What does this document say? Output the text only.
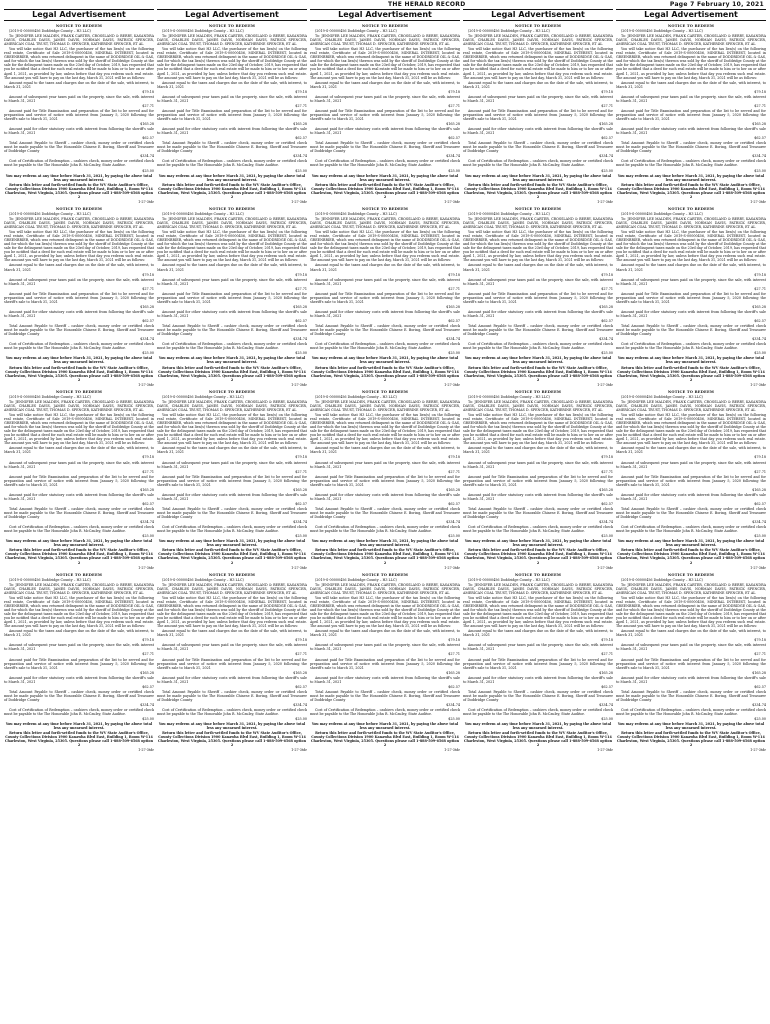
THE HERALD RECORD	Page 7 February 10, 2021
Legal Advertisement
NOTICE TO REDEEM
(2019-S-00000456 Doddridge County – H3 LLC)
To: JENNIFER LEE MALDEN, FRANK CARTER, CROSSLAND & BERRY, KASANDRA DAVIS, CHARLES DAVIS, JAMES DAVIS, NORMAN DAVIS, PATRICK SPENCER, AMERICAN COAL TRUST, THOMAS D. SPENCER, KATHERINE SPENCER, ET AL
You will take notice that H3 LLC, the purchaser of the tax lien(s) on the following real estate, Certificate of Sale 2019-S-00000456, MINERAL INTEREST, located in GREENBRIER, which was returned delinquent in the name of DODDRIDGE OIL & GAS, and for which the tax lien(s) thereon was sold by the sheriff of Doddridge County at the sale for the delinquent taxes made on the 23rd day of October, 2019, has requested that you be notified that a deed for such real estate will be made to him or to her on or after April 1, 2021, as provided by law, unless before that day you redeem such real estate. The amount you will have to pay on the last day, March 31, 2021 will be as follows:
Amount equal to the taxes and charges due on the date of the sale, with interest, to March 31, 2021
$79.18
Amount of subsequent year taxes paid on the property, since the sale, with interest to March 31, 2021
$27.71
Amount paid for Title Examination and preparation of the list to be served and for preparation and service of notice with interest from January 5, 2020 following the sheriff's sale to March 31, 2021
$165.28
Amount paid for other statutory costs with interest from following the sheriff's sale to March 31, 2021
$62.57
Total Amount Payable to Sheriff – cashier check, money order or certified check must be made payable to the The Honorable Chinese E. Boring, Sheriff and Treasurer of Doddridge County
$334.74
Cost of Certification of Redemption – cashiers check, money order or certified check must be payable to the The Honorable John R. McCauley, State Auditor.
$25.00
You may redeem at any time before March 31, 2021, by paying the above total less any unearned interest.
Return this letter and forth-settled funds to the WV State Auditor's Office, County Collections Division 1900 Kanawha Blvd East, Building 1, Room W-114 Charleston, West Virginia, 25305. Questions please call 1-888-509-6568 option 2
1-27-3tdr
NOTICE TO REDEEM
(2019-S-00000456 Doddridge County – H3 LLC)
To: JENNIFER LEE MALDEN, FRANK CARTER, CROSSLAND & BERRY, KASANDRA DAVIS, CHARLES DAVIS, JAMES DAVIS, NORMAN DAVIS, PATRICK SPENCER, AMERICAN COAL TRUST, THOMAS D. SPENCER, KATHERINE SPENCER, ET AL
You will take notice that H3 LLC, the purchaser of the tax lien(s) on the following real estate, Certificate of Sale 2019-S-00000456, MINERAL INTEREST, located in GREENBRIER, which was returned delinquent in the name of DODDRIDGE OIL & GAS, and for which the tax lien(s) thereon was sold by the sheriff of Doddridge County at the sale for the delinquent taxes made on the 23rd day of October, 2019, has requested that you be notified that a deed for such real estate will be made to him or to her on or after April 1, 2021, as provided by law, unless before that day you redeem such real estate. The amount you will have to pay on the last day, March 31, 2021 will be as follows:
Amount equal to the taxes and charges due on the date of the sale, with interest, to March 31, 2021
$79.18
Amount of subsequent year taxes paid on the property, since the sale, with interest to March 31, 2021
$27.71
Amount paid for Title Examination and preparation of the list to be served and for preparation and service of notice with interest from January 5, 2020 following the sheriff's sale to March 31, 2021
$165.28
Amount paid for other statutory costs with interest from following the sheriff's sale to March 31, 2021
$62.57
Total Amount Payable to Sheriff – cashier check, money order or certified check must be made payable to the The Honorable Chinese E. Boring, Sheriff and Treasurer of Doddridge County
$334.74
Cost of Certification of Redemption – cashiers check, money order or certified check must be payable to the The Honorable John R. McCauley, State Auditor.
$25.00
You may redeem at any time before March 31, 2021, by paying the above total less any unearned interest.
Return this letter and forth-settled funds to the WV State Auditor's Office, County Collections Division 1900 Kanawha Blvd East, Building 1, Room W-114 Charleston, West Virginia, 25305. Questions please call 1-888-509-6568 option 2
1-27-3tdr
NOTICE TO REDEEM
(2019-S-00000456 Doddridge County – H3 LLC)
To: JENNIFER LEE MALDEN, FRANK CARTER, CROSSLAND & BERRY, KASANDRA DAVIS, CHARLES DAVIS, JAMES DAVIS, NORMAN DAVIS, PATRICK SPENCER, AMERICAN COAL TRUST, THOMAS D. SPENCER, KATHERINE SPENCER, ET AL
You will take notice that H3 LLC, the purchaser of the tax lien(s) on the following real estate, Certificate of Sale 2019-S-00000456, MINERAL INTEREST, located in GREENBRIER, which was returned delinquent in the name of DODDRIDGE OIL & GAS, and for which the tax lien(s) thereon was sold by the sheriff of Doddridge County at the sale for the delinquent taxes made on the 23rd day of October, 2019, has requested that you be notified that a deed for such real estate will be made to him or to her on or after April 1, 2021, as provided by law, unless before that day you redeem such real estate. The amount you will have to pay on the last day, March 31, 2021 will be as follows:
Amount equal to the taxes and charges due on the date of the sale, with interest, to March 31, 2021
$79.18
Amount of subsequent year taxes paid on the property, since the sale, with interest to March 31, 2021
$27.71
Amount paid for Title Examination and preparation of the list to be served and for preparation and service of notice with interest from January 5, 2020 following the sheriff's sale to March 31, 2021
$165.28
Amount paid for other statutory costs with interest from following the sheriff's sale to March 31, 2021
$62.57
Total Amount Payable to Sheriff – cashier check, money order or certified check must be made payable to the The Honorable Chinese E. Boring, Sheriff and Treasurer of Doddridge County
$334.74
Cost of Certification of Redemption – cashiers check, money order or certified check must be payable to the The Honorable John R. McCauley, State Auditor.
$25.00
You may redeem at any time before March 31, 2021, by paying the above total less any unearned interest.
Return this letter and forth-settled funds to the WV State Auditor's Office, County Collections Division 1900 Kanawha Blvd East, Building 1, Room W-114 Charleston, West Virginia, 25305. Questions please call 1-888-509-6568 option 2
1-27-3tdr
NOTICE TO REDEEM
(2019-S-00000456 Doddridge County – H3 LLC)
To: JENNIFER LEE MALDEN, FRANK CARTER, CROSSLAND & BERRY, KASANDRA DAVIS, CHARLES DAVIS, JAMES DAVIS, NORMAN DAVIS, PATRICK SPENCER, AMERICAN COAL TRUST, THOMAS D. SPENCER, KATHERINE SPENCER, ET AL
You will take notice that H3 LLC, the purchaser of the tax lien(s) on the following real estate, Certificate of Sale 2019-S-00000456, MINERAL INTEREST, located in GREENBRIER, which was returned delinquent in the name of DODDRIDGE OIL & GAS, and for which the tax lien(s) thereon was sold by the sheriff of Doddridge County at the sale for the delinquent taxes made on the 23rd day of October, 2019, has requested that you be notified that a deed for such real estate will be made to him or to her on or after April 1, 2021, as provided by law, unless before that day you redeem such real estate. The amount you will have to pay on the last day, March 31, 2021 will be as follows:
Amount equal to the taxes and charges due on the date of the sale, with interest, to March 31, 2021
$79.18
Amount of subsequent year taxes paid on the property, since the sale, with interest to March 31, 2021
$27.71
Amount paid for Title Examination and preparation of the list to be served and for preparation and service of notice with interest from January 5, 2020 following the sheriff's sale to March 31, 2021
$165.28
Amount paid for other statutory costs with interest from following the sheriff's sale to March 31, 2021
$62.57
Total Amount Payable to Sheriff – cashier check, money order or certified check must be made payable to the The Honorable Chinese E. Boring, Sheriff and Treasurer of Doddridge County
$334.74
Cost of Certification of Redemption – cashiers check, money order or certified check must be payable to the The Honorable John R. McCauley, State Auditor.
$25.00
You may redeem at any time before March 31, 2021, by paying the above total less any unearned interest.
Return this letter and forth-settled funds to the WV State Auditor's Office, County Collections Division 1900 Kanawha Blvd East, Building 1, Room W-114 Charleston, West Virginia, 25305. Questions please call 1-888-509-6568 option 2
1-27-3tdr
Legal Advertisement
NOTICE TO REDEEM
(2019-S-00000456 Doddridge County – H3 LLC)
To: JENNIFER LEE MALDEN, FRANK CARTER, CROSSLAND & BERRY, KASANDRA DAVIS, CHARLES DAVIS, JAMES DAVIS, NORMAN DAVIS, PATRICK SPENCER, AMERICAN COAL TRUST, THOMAS D. SPENCER, KATHERINE SPENCER, ET AL
You will take notice that H3 LLC, the purchaser of the tax lien(s) on the following real estate, Certificate of Sale 2019-S-00000456, MINERAL INTEREST, located in GREENBRIER, which was returned delinquent in the name of DODDRIDGE OIL & GAS, and for which the tax lien(s) thereon was sold by the sheriff of Doddridge County at the sale for the delinquent taxes made on the 23rd day of October, 2019, has requested that you be notified that a deed for such real estate will be made to him or to her on or after April 1, 2021, as provided by law, unless before that day you redeem such real estate. The amount you will have to pay on the last day, March 31, 2021 will be as follows:
Amount equal to the taxes and charges due on the date of the sale, with interest, to March 31, 2021
$79.18
Amount of subsequent year taxes paid on the property, since the sale, with interest to March 31, 2021
$27.71
Amount paid for Title Examination and preparation of the list to be served and for preparation and service of notice with interest from January 5, 2020 following the sheriff's sale to March 31, 2021
$165.28
Amount paid for other statutory costs with interest from following the sheriff's sale to March 31, 2021
$62.57
Total Amount Payable to Sheriff – cashier check, money order or certified check must be made payable to the The Honorable Chinese E. Boring, Sheriff and Treasurer of Doddridge County
$334.74
Cost of Certification of Redemption – cashiers check, money order or certified check must be payable to the The Honorable John R. McCauley, State Auditor.
$25.00
You may redeem at any time before March 31, 2021, by paying the above total less any unearned interest.
Return this letter and forth-settled funds to the WV State Auditor's Office, County Collections Division 1900 Kanawha Blvd East, Building 1, Room W-114 Charleston, West Virginia, 25305. Questions please call 1-888-509-6568 option 2
1-27-3tdr
NOTICE TO REDEEM
(2019-S-00000456 Doddridge County – H3 LLC)
To: JENNIFER LEE MALDEN, FRANK CARTER, CROSSLAND & BERRY, KASANDRA DAVIS, CHARLES DAVIS, JAMES DAVIS, NORMAN DAVIS, PATRICK SPENCER, AMERICAN COAL TRUST, THOMAS D. SPENCER, KATHERINE SPENCER, ET AL
You will take notice that H3 LLC, the purchaser of the tax lien(s) on the following real estate, Certificate of Sale 2019-S-00000456, MINERAL INTEREST, located in GREENBRIER, which was returned delinquent in the name of DODDRIDGE OIL & GAS, and for which the tax lien(s) thereon was sold by the sheriff of Doddridge County at the sale for the delinquent taxes made on the 23rd day of October, 2019, has requested that you be notified that a deed for such real estate will be made to him or to her on or after April 1, 2021, as provided by law, unless before that day you redeem such real estate. The amount you will have to pay on the last day, March 31, 2021 will be as follows:
Amount equal to the taxes and charges due on the date of the sale, with interest, to March 31, 2021
$79.18
Amount of subsequent year taxes paid on the property, since the sale, with interest to March 31, 2021
$27.71
Amount paid for Title Examination and preparation of the list to be served and for preparation and service of notice with interest from January 5, 2020 following the sheriff's sale to March 31, 2021
$165.28
Amount paid for other statutory costs with interest from following the sheriff's sale to March 31, 2021
$62.57
Total Amount Payable to Sheriff – cashier check, money order or certified check must be made payable to the The Honorable Chinese E. Boring, Sheriff and Treasurer of Doddridge County
$334.74
Cost of Certification of Redemption – cashiers check, money order or certified check must be payable to the The Honorable John R. McCauley, State Auditor.
$25.00
You may redeem at any time before March 31, 2021, by paying the above total less any unearned interest.
Return this letter and forth-settled funds to the WV State Auditor's Office, County Collections Division 1900 Kanawha Blvd East, Building 1, Room W-114 Charleston, West Virginia, 25305. Questions please call 1-888-509-6568 option 2
1-27-3tdr
NOTICE TO REDEEM
(2019-S-00000456 Doddridge County – H3 LLC)
To: JENNIFER LEE MALDEN, FRANK CARTER, CROSSLAND & BERRY, KASANDRA DAVIS, CHARLES DAVIS, JAMES DAVIS, NORMAN DAVIS, PATRICK SPENCER, AMERICAN COAL TRUST, THOMAS D. SPENCER, KATHERINE SPENCER, ET AL
You will take notice that H3 LLC, the purchaser of the tax lien(s) on the following real estate, Certificate of Sale 2019-S-00000456, MINERAL INTEREST, located in GREENBRIER, which was returned delinquent in the name of DODDRIDGE OIL & GAS, and for which the tax lien(s) thereon was sold by the sheriff of Doddridge County at the sale for the delinquent taxes made on the 23rd day of October, 2019, has requested that you be notified that a deed for such real estate will be made to him or to her on or after April 1, 2021, as provided by law, unless before that day you redeem such real estate. The amount you will have to pay on the last day, March 31, 2021 will be as follows:
Amount equal to the taxes and charges due on the date of the sale, with interest, to March 31, 2021
$79.18
Amount of subsequent year taxes paid on the property, since the sale, with interest to March 31, 2021
$27.71
Amount paid for Title Examination and preparation of the list to be served and for preparation and service of notice with interest from January 5, 2020 following the sheriff's sale to March 31, 2021
$165.28
Amount paid for other statutory costs with interest from following the sheriff's sale to March 31, 2021
$62.57
Total Amount Payable to Sheriff – cashier check, money order or certified check must be made payable to the The Honorable Chinese E. Boring, Sheriff and Treasurer of Doddridge County
$334.74
Cost of Certification of Redemption – cashiers check, money order or certified check must be payable to the The Honorable John R. McCauley, State Auditor.
$25.00
You may redeem at any time before March 31, 2021, by paying the above total less any unearned interest.
Return this letter and forth-settled funds to the WV State Auditor's Office, County Collections Division 1900 Kanawha Blvd East, Building 1, Room W-114 Charleston, West Virginia, 25305. Questions please call 1-888-509-6568 option 2
1-27-3tdr
NOTICE TO REDEEM
(2019-S-00000456 Doddridge County – H3 LLC)
To: JENNIFER LEE MALDEN, FRANK CARTER, CROSSLAND & BERRY, KASANDRA DAVIS, CHARLES DAVIS, JAMES DAVIS, NORMAN DAVIS, PATRICK SPENCER, AMERICAN COAL TRUST, THOMAS D. SPENCER, KATHERINE SPENCER, ET AL
You will take notice that H3 LLC, the purchaser of the tax lien(s) on the following real estate, Certificate of Sale 2019-S-00000456, MINERAL INTEREST, located in GREENBRIER, which was returned delinquent in the name of DODDRIDGE OIL & GAS, and for which the tax lien(s) thereon was sold by the sheriff of Doddridge County at the sale for the delinquent taxes made on the 23rd day of October, 2019, has requested that you be notified that a deed for such real estate will be made to him or to her on or after April 1, 2021, as provided by law, unless before that day you redeem such real estate. The amount you will have to pay on the last day, March 31, 2021 will be as follows:
Amount equal to the taxes and charges due on the date of the sale, with interest, to March 31, 2021
$79.18
Amount of subsequent year taxes paid on the property, since the sale, with interest to March 31, 2021
$27.71
Amount paid for Title Examination and preparation of the list to be served and for preparation and service of notice with interest from January 5, 2020 following the sheriff's sale to March 31, 2021
$165.28
Amount paid for other statutory costs with interest from following the sheriff's sale to March 31, 2021
$62.57
Total Amount Payable to Sheriff – cashier check, money order or certified check must be made payable to the The Honorable Chinese E. Boring, Sheriff and Treasurer of Doddridge County
$334.74
Cost of Certification of Redemption – cashiers check, money order or certified check must be payable to the The Honorable John R. McCauley, State Auditor.
$25.00
You may redeem at any time before March 31, 2021, by paying the above total less any unearned interest.
Return this letter and forth-settled funds to the WV State Auditor's Office, County Collections Division 1900 Kanawha Blvd East, Building 1, Room W-114 Charleston, West Virginia, 25305. Questions please call 1-888-509-6568 option 2
1-27-3tdr
Legal Advertisement
NOTICE TO REDEEM
(2019-S-00000456 Doddridge County – H3 LLC)
To: JENNIFER LEE MALDEN, FRANK CARTER, CROSSLAND & BERRY, KASANDRA DAVIS, CHARLES DAVIS, JAMES DAVIS, NORMAN DAVIS, PATRICK SPENCER, AMERICAN COAL TRUST, THOMAS D. SPENCER, KATHERINE SPENCER, ET AL
You will take notice that H3 LLC, the purchaser of the tax lien(s) on the following real estate, Certificate of Sale 2019-S-00000456, MINERAL INTEREST, located in GREENBRIER, which was returned delinquent in the name of DODDRIDGE OIL & GAS, and for which the tax lien(s) thereon was sold by the sheriff of Doddridge County at the sale for the delinquent taxes made on the 23rd day of October, 2019, has requested that you be notified that a deed for such real estate will be made to him or to her on or after April 1, 2021, as provided by law, unless before that day you redeem such real estate. The amount you will have to pay on the last day, March 31, 2021 will be as follows:
Amount equal to the taxes and charges due on the date of the sale, with interest, to March 31, 2021
$79.18
Amount of subsequent year taxes paid on the property, since the sale, with interest to March 31, 2021
$27.71
Amount paid for Title Examination and preparation of the list to be served and for preparation and service of notice with interest from January 5, 2020 following the sheriff's sale to March 31, 2021
$165.28
Amount paid for other statutory costs with interest from following the sheriff's sale to March 31, 2021
$62.57
Total Amount Payable to Sheriff – cashier check, money order or certified check must be made payable to the The Honorable Chinese E. Boring, Sheriff and Treasurer of Doddridge County
$334.74
Cost of Certification of Redemption – cashiers check, money order or certified check must be payable to the The Honorable John R. McCauley, State Auditor.
$25.00
You may redeem at any time before March 31, 2021, by paying the above total less any unearned interest.
Return this letter and forth-settled funds to the WV State Auditor's Office, County Collections Division 1900 Kanawha Blvd East, Building 1, Room W-114 Charleston, West Virginia, 25305. Questions please call 1-888-509-6568 option 2
1-27-3tdr
NOTICE TO REDEEM
(2019-S-00000456 Doddridge County – H3 LLC)
To: JENNIFER LEE MALDEN, FRANK CARTER, CROSSLAND & BERRY, KASANDRA DAVIS, CHARLES DAVIS, JAMES DAVIS, NORMAN DAVIS, PATRICK SPENCER, AMERICAN COAL TRUST, THOMAS D. SPENCER, KATHERINE SPENCER, ET AL
You will take notice that H3 LLC, the purchaser of the tax lien(s) on the following real estate, Certificate of Sale 2019-S-00000456, MINERAL INTEREST, located in GREENBRIER, which was returned delinquent in the name of DODDRIDGE OIL & GAS, and for which the tax lien(s) thereon was sold by the sheriff of Doddridge County at the sale for the delinquent taxes made on the 23rd day of October, 2019, has requested that you be notified that a deed for such real estate will be made to him or to her on or after April 1, 2021, as provided by law, unless before that day you redeem such real estate. The amount you will have to pay on the last day, March 31, 2021 will be as follows:
Amount equal to the taxes and charges due on the date of the sale, with interest, to March 31, 2021
$79.18
Amount of subsequent year taxes paid on the property, since the sale, with interest to March 31, 2021
$27.71
Amount paid for Title Examination and preparation of the list to be served and for preparation and service of notice with interest from January 5, 2020 following the sheriff's sale to March 31, 2021
$165.28
Amount paid for other statutory costs with interest from following the sheriff's sale to March 31, 2021
$62.57
Total Amount Payable to Sheriff – cashier check, money order or certified check must be made payable to the The Honorable Chinese E. Boring, Sheriff and Treasurer of Doddridge County
$334.74
Cost of Certification of Redemption – cashiers check, money order or certified check must be payable to the The Honorable John R. McCauley, State Auditor.
$25.00
You may redeem at any time before March 31, 2021, by paying the above total less any unearned interest.
Return this letter and forth-settled funds to the WV State Auditor's Office, County Collections Division 1900 Kanawha Blvd East, Building 1, Room W-114 Charleston, West Virginia, 25305. Questions please call 1-888-509-6568 option 2
1-27-3tdr
NOTICE TO REDEEM
(2019-S-00000456 Doddridge County – H3 LLC)
To: JENNIFER LEE MALDEN, FRANK CARTER, CROSSLAND & BERRY, KASANDRA DAVIS, CHARLES DAVIS, JAMES DAVIS, NORMAN DAVIS, PATRICK SPENCER, AMERICAN COAL TRUST, THOMAS D. SPENCER, KATHERINE SPENCER, ET AL
You will take notice that H3 LLC, the purchaser of the tax lien(s) on the following real estate, Certificate of Sale 2019-S-00000456, MINERAL INTEREST, located in GREENBRIER, which was returned delinquent in the name of DODDRIDGE OIL & GAS, and for which the tax lien(s) thereon was sold by the sheriff of Doddridge County at the sale for the delinquent taxes made on the 23rd day of October, 2019, has requested that you be notified that a deed for such real estate will be made to him or to her on or after April 1, 2021, as provided by law, unless before that day you redeem such real estate. The amount you will have to pay on the last day, March 31, 2021 will be as follows:
Amount equal to the taxes and charges due on the date of the sale, with interest, to March 31, 2021
$79.18
Amount of subsequent year taxes paid on the property, since the sale, with interest to March 31, 2021
$27.71
Amount paid for Title Examination and preparation of the list to be served and for preparation and service of notice with interest from January 5, 2020 following the sheriff's sale to March 31, 2021
$165.28
Amount paid for other statutory costs with interest from following the sheriff's sale to March 31, 2021
$62.57
Total Amount Payable to Sheriff – cashier check, money order or certified check must be made payable to the The Honorable Chinese E. Boring, Sheriff and Treasurer of Doddridge County
$334.74
Cost of Certification of Redemption – cashiers check, money order or certified check must be payable to the The Honorable John R. McCauley, State Auditor.
$25.00
You may redeem at any time before March 31, 2021, by paying the above total less any unearned interest.
Return this letter and forth-settled funds to the WV State Auditor's Office, County Collections Division 1900 Kanawha Blvd East, Building 1, Room W-114 Charleston, West Virginia, 25305. Questions please call 1-888-509-6568 option 2
1-27-3tdr
NOTICE TO REDEEM
(2019-S-00000456 Doddridge County – H3 LLC)
To: JENNIFER LEE MALDEN, FRANK CARTER, CROSSLAND & BERRY, KASANDRA DAVIS, CHARLES DAVIS, JAMES DAVIS, NORMAN DAVIS, PATRICK SPENCER, AMERICAN COAL TRUST, THOMAS D. SPENCER, KATHERINE SPENCER, ET AL
You will take notice that H3 LLC, the purchaser of the tax lien(s) on the following real estate, Certificate of Sale 2019-S-00000456, MINERAL INTEREST, located in GREENBRIER, which was returned delinquent in the name of DODDRIDGE OIL & GAS, and for which the tax lien(s) thereon was sold by the sheriff of Doddridge County at the sale for the delinquent taxes made on the 23rd day of October, 2019, has requested that you be notified that a deed for such real estate will be made to him or to her on or after April 1, 2021, as provided by law, unless before that day you redeem such real estate. The amount you will have to pay on the last day, March 31, 2021 will be as follows:
Amount equal to the taxes and charges due on the date of the sale, with interest, to March 31, 2021
$79.18
Amount of subsequent year taxes paid on the property, since the sale, with interest to March 31, 2021
$27.71
Amount paid for Title Examination and preparation of the list to be served and for preparation and service of notice with interest from January 5, 2020 following the sheriff's sale to March 31, 2021
$165.28
Amount paid for other statutory costs with interest from following the sheriff's sale to March 31, 2021
$62.57
Total Amount Payable to Sheriff – cashier check, money order or certified check must be made payable to the The Honorable Chinese E. Boring, Sheriff and Treasurer of Doddridge County
$334.74
Cost of Certification of Redemption – cashiers check, money order or certified check must be payable to the The Honorable John R. McCauley, State Auditor.
$25.00
You may redeem at any time before March 31, 2021, by paying the above total less any unearned interest.
Return this letter and forth-settled funds to the WV State Auditor's Office, County Collections Division 1900 Kanawha Blvd East, Building 1, Room W-114 Charleston, West Virginia, 25305. Questions please call 1-888-509-6568 option 2
1-27-3tdr
Legal Advertisement
NOTICE TO REDEEM
(2019-S-00000456 Doddridge County – H3 LLC)
To: JENNIFER LEE MALDEN, FRANK CARTER, CROSSLAND & BERRY, KASANDRA DAVIS, CHARLES DAVIS, JAMES DAVIS, NORMAN DAVIS, PATRICK SPENCER, AMERICAN COAL TRUST, THOMAS D. SPENCER, KATHERINE SPENCER, ET AL
You will take notice that H3 LLC, the purchaser of the tax lien(s) on the following real estate, Certificate of Sale 2019-S-00000456, MINERAL INTEREST, located in GREENBRIER, which was returned delinquent in the name of DODDRIDGE OIL & GAS, and for which the tax lien(s) thereon was sold by the sheriff of Doddridge County at the sale for the delinquent taxes made on the 23rd day of October, 2019, has requested that you be notified that a deed for such real estate will be made to him or to her on or after April 1, 2021, as provided by law, unless before that day you redeem such real estate. The amount you will have to pay on the last day, March 31, 2021 will be as follows:
Amount equal to the taxes and charges due on the date of the sale, with interest, to March 31, 2021
$79.18
Amount of subsequent year taxes paid on the property, since the sale, with interest to March 31, 2021
$27.71
Amount paid for Title Examination and preparation of the list to be served and for preparation and service of notice with interest from January 5, 2020 following the sheriff's sale to March 31, 2021
$165.28
Amount paid for other statutory costs with interest from following the sheriff's sale to March 31, 2021
$62.57
Total Amount Payable to Sheriff – cashier check, money order or certified check must be made payable to the The Honorable Chinese E. Boring, Sheriff and Treasurer of Doddridge County
$334.74
Cost of Certification of Redemption – cashiers check, money order or certified check must be payable to the The Honorable John R. McCauley, State Auditor.
$25.00
You may redeem at any time before March 31, 2021, by paying the above total less any unearned interest.
Return this letter and forth-settled funds to the WV State Auditor's Office, County Collections Division 1900 Kanawha Blvd East, Building 1, Room W-114 Charleston, West Virginia, 25305. Questions please call 1-888-509-6568 option 2
1-27-3tdr
NOTICE TO REDEEM
(2019-S-00000456 Doddridge County – H3 LLC)
To: JENNIFER LEE MALDEN, FRANK CARTER, CROSSLAND & BERRY, KASANDRA DAVIS, CHARLES DAVIS, JAMES DAVIS, NORMAN DAVIS, PATRICK SPENCER, AMERICAN COAL TRUST, THOMAS D. SPENCER, KATHERINE SPENCER, ET AL
You will take notice that H3 LLC, the purchaser of the tax lien(s) on the following real estate, Certificate of Sale 2019-S-00000456, MINERAL INTEREST, located in GREENBRIER, which was returned delinquent in the name of DODDRIDGE OIL & GAS, and for which the tax lien(s) thereon was sold by the sheriff of Doddridge County at the sale for the delinquent taxes made on the 23rd day of October, 2019, has requested that you be notified that a deed for such real estate will be made to him or to her on or after April 1, 2021, as provided by law, unless before that day you redeem such real estate. The amount you will have to pay on the last day, March 31, 2021 will be as follows:
Amount equal to the taxes and charges due on the date of the sale, with interest, to March 31, 2021
$79.18
Amount of subsequent year taxes paid on the property, since the sale, with interest to March 31, 2021
$27.71
Amount paid for Title Examination and preparation of the list to be served and for preparation and service of notice with interest from January 5, 2020 following the sheriff's sale to March 31, 2021
$165.28
Amount paid for other statutory costs with interest from following the sheriff's sale to March 31, 2021
$62.57
Total Amount Payable to Sheriff – cashier check, money order or certified check must be made payable to the The Honorable Chinese E. Boring, Sheriff and Treasurer of Doddridge County
$334.74
Cost of Certification of Redemption – cashiers check, money order or certified check must be payable to the The Honorable John R. McCauley, State Auditor.
$25.00
You may redeem at any time before March 31, 2021, by paying the above total less any unearned interest.
Return this letter and forth-settled funds to the WV State Auditor's Office, County Collections Division 1900 Kanawha Blvd East, Building 1, Room W-114 Charleston, West Virginia, 25305. Questions please call 1-888-509-6568 option 2
1-27-3tdr
NOTICE TO REDEEM
(2019-S-00000456 Doddridge County – H3 LLC)
To: JENNIFER LEE MALDEN, FRANK CARTER, CROSSLAND & BERRY, KASANDRA DAVIS, CHARLES DAVIS, JAMES DAVIS, NORMAN DAVIS, PATRICK SPENCER, AMERICAN COAL TRUST, THOMAS D. SPENCER, KATHERINE SPENCER, ET AL
You will take notice that H3 LLC, the purchaser of the tax lien(s) on the following real estate, Certificate of Sale 2019-S-00000456, MINERAL INTEREST, located in GREENBRIER, which was returned delinquent in the name of DODDRIDGE OIL & GAS, and for which the tax lien(s) thereon was sold by the sheriff of Doddridge County at the sale for the delinquent taxes made on the 23rd day of October, 2019, has requested that you be notified that a deed for such real estate will be made to him or to her on or after April 1, 2021, as provided by law, unless before that day you redeem such real estate. The amount you will have to pay on the last day, March 31, 2021 will be as follows:
Amount equal to the taxes and charges due on the date of the sale, with interest, to March 31, 2021
$79.18
Amount of subsequent year taxes paid on the property, since the sale, with interest to March 31, 2021
$27.71
Amount paid for Title Examination and preparation of the list to be served and for preparation and service of notice with interest from January 5, 2020 following the sheriff's sale to March 31, 2021
$165.28
Amount paid for other statutory costs with interest from following the sheriff's sale to March 31, 2021
$62.57
Total Amount Payable to Sheriff – cashier check, money order or certified check must be made payable to the The Honorable Chinese E. Boring, Sheriff and Treasurer of Doddridge County
$334.74
Cost of Certification of Redemption – cashiers check, money order or certified check must be payable to the The Honorable John R. McCauley, State Auditor.
$25.00
You may redeem at any time before March 31, 2021, by paying the above total less any unearned interest.
Return this letter and forth-settled funds to the WV State Auditor's Office, County Collections Division 1900 Kanawha Blvd East, Building 1, Room W-114 Charleston, West Virginia, 25305. Questions please call 1-888-509-6568 option 2
1-27-3tdr
NOTICE TO REDEEM
(2019-S-00000456 Doddridge County – H3 LLC)
To: JENNIFER LEE MALDEN, FRANK CARTER, CROSSLAND & BERRY, KASANDRA DAVIS, CHARLES DAVIS, JAMES DAVIS, NORMAN DAVIS, PATRICK SPENCER, AMERICAN COAL TRUST, THOMAS D. SPENCER, KATHERINE SPENCER, ET AL
You will take notice that H3 LLC, the purchaser of the tax lien(s) on the following real estate, Certificate of Sale 2019-S-00000456, MINERAL INTEREST, located in GREENBRIER, which was returned delinquent in the name of DODDRIDGE OIL & GAS, and for which the tax lien(s) thereon was sold by the sheriff of Doddridge County at the sale for the delinquent taxes made on the 23rd day of October, 2019, has requested that you be notified that a deed for such real estate will be made to him or to her on or after April 1, 2021, as provided by law, unless before that day you redeem such real estate. The amount you will have to pay on the last day, March 31, 2021 will be as follows:
Amount equal to the taxes and charges due on the date of the sale, with interest, to March 31, 2021
$79.18
Amount of subsequent year taxes paid on the property, since the sale, with interest to March 31, 2021
$27.71
Amount paid for Title Examination and preparation of the list to be served and for preparation and service of notice with interest from January 5, 2020 following the sheriff's sale to March 31, 2021
$165.28
Amount paid for other statutory costs with interest from following the sheriff's sale to March 31, 2021
$62.57
Total Amount Payable to Sheriff – cashier check, money order or certified check must be made payable to the The Honorable Chinese E. Boring, Sheriff and Treasurer of Doddridge County
$334.74
Cost of Certification of Redemption – cashiers check, money order or certified check must be payable to the The Honorable John R. McCauley, State Auditor.
$25.00
You may redeem at any time before March 31, 2021, by paying the above total less any unearned interest.
Return this letter and forth-settled funds to the WV State Auditor's Office, County Collections Division 1900 Kanawha Blvd East, Building 1, Room W-114 Charleston, West Virginia, 25305. Questions please call 1-888-509-6568 option 2
1-27-3tdr
Legal Advertisement
NOTICE TO REDEEM
(2019-S-00000456 Doddridge County – H3 LLC)
To: JENNIFER LEE MALDEN, FRANK CARTER, CROSSLAND & BERRY, KASANDRA DAVIS, CHARLES DAVIS, JAMES DAVIS, NORMAN DAVIS, PATRICK SPENCER, AMERICAN COAL TRUST, THOMAS D. SPENCER, KATHERINE SPENCER, ET AL
You will take notice that H3 LLC, the purchaser of the tax lien(s) on the following real estate, Certificate of Sale 2019-S-00000456, MINERAL INTEREST, located in GREENBRIER, which was returned delinquent in the name of DODDRIDGE OIL & GAS, and for which the tax lien(s) thereon was sold by the sheriff of Doddridge County at the sale for the delinquent taxes made on the 23rd day of October, 2019, has requested that you be notified that a deed for such real estate will be made to him or to her on or after April 1, 2021, as provided by law, unless before that day you redeem such real estate. The amount you will have to pay on the last day, March 31, 2021 will be as follows:
Amount equal to the taxes and charges due on the date of the sale, with interest, to March 31, 2021
$79.18
Amount of subsequent year taxes paid on the property, since the sale, with interest to March 31, 2021
$27.71
Amount paid for Title Examination and preparation of the list to be served and for preparation and service of notice with interest from January 5, 2020 following the sheriff's sale to March 31, 2021
$165.28
Amount paid for other statutory costs with interest from following the sheriff's sale to March 31, 2021
$62.57
Total Amount Payable to Sheriff – cashier check, money order or certified check must be made payable to the The Honorable Chinese E. Boring, Sheriff and Treasurer of Doddridge County
$334.74
Cost of Certification of Redemption – cashiers check, money order or certified check must be payable to the The Honorable John R. McCauley, State Auditor.
$25.00
You may redeem at any time before March 31, 2021, by paying the above total less any unearned interest.
Return this letter and forth-settled funds to the WV State Auditor's Office, County Collections Division 1900 Kanawha Blvd East, Building 1, Room W-114 Charleston, West Virginia, 25305. Questions please call 1-888-509-6568 option 2
1-27-3tdr
NOTICE TO REDEEM
(2019-S-00000456 Doddridge County – H3 LLC)
To: JENNIFER LEE MALDEN, FRANK CARTER, CROSSLAND & BERRY, KASANDRA DAVIS, CHARLES DAVIS, JAMES DAVIS, NORMAN DAVIS, PATRICK SPENCER, AMERICAN COAL TRUST, THOMAS D. SPENCER, KATHERINE SPENCER, ET AL
You will take notice that H3 LLC, the purchaser of the tax lien(s) on the following real estate, Certificate of Sale 2019-S-00000456, MINERAL INTEREST, located in GREENBRIER, which was returned delinquent in the name of DODDRIDGE OIL & GAS, and for which the tax lien(s) thereon was sold by the sheriff of Doddridge County at the sale for the delinquent taxes made on the 23rd day of October, 2019, has requested that you be notified that a deed for such real estate will be made to him or to her on or after April 1, 2021, as provided by law, unless before that day you redeem such real estate. The amount you will have to pay on the last day, March 31, 2021 will be as follows:
Amount equal to the taxes and charges due on the date of the sale, with interest, to March 31, 2021
$79.18
Amount of subsequent year taxes paid on the property, since the sale, with interest to March 31, 2021
$27.71
Amount paid for Title Examination and preparation of the list to be served and for preparation and service of notice with interest from January 5, 2020 following the sheriff's sale to March 31, 2021
$165.28
Amount paid for other statutory costs with interest from following the sheriff's sale to March 31, 2021
$62.57
Total Amount Payable to Sheriff – cashier check, money order or certified check must be made payable to the The Honorable Chinese E. Boring, Sheriff and Treasurer of Doddridge County
$334.74
Cost of Certification of Redemption – cashiers check, money order or certified check must be payable to the The Honorable John R. McCauley, State Auditor.
$25.00
You may redeem at any time before March 31, 2021, by paying the above total less any unearned interest.
Return this letter and forth-settled funds to the WV State Auditor's Office, County Collections Division 1900 Kanawha Blvd East, Building 1, Room W-114 Charleston, West Virginia, 25305. Questions please call 1-888-509-6568 option 2
1-27-3tdr
NOTICE TO REDEEM
(2019-S-00000456 Doddridge County – H3 LLC)
To: JENNIFER LEE MALDEN, FRANK CARTER, CROSSLAND & BERRY, KASANDRA DAVIS, CHARLES DAVIS, JAMES DAVIS, NORMAN DAVIS, PATRICK SPENCER, AMERICAN COAL TRUST, THOMAS D. SPENCER, KATHERINE SPENCER, ET AL
You will take notice that H3 LLC, the purchaser of the tax lien(s) on the following real estate, Certificate of Sale 2019-S-00000456, MINERAL INTEREST, located in GREENBRIER, which was returned delinquent in the name of DODDRIDGE OIL & GAS, and for which the tax lien(s) thereon was sold by the sheriff of Doddridge County at the sale for the delinquent taxes made on the 23rd day of October, 2019, has requested that you be notified that a deed for such real estate will be made to him or to her on or after April 1, 2021, as provided by law, unless before that day you redeem such real estate. The amount you will have to pay on the last day, March 31, 2021 will be as follows:
Amount equal to the taxes and charges due on the date of the sale, with interest, to March 31, 2021
$79.18
Amount of subsequent year taxes paid on the property, since the sale, with interest to March 31, 2021
$27.71
Amount paid for Title Examination and preparation of the list to be served and for preparation and service of notice with interest from January 5, 2020 following the sheriff's sale to March 31, 2021
$165.28
Amount paid for other statutory costs with interest from following the sheriff's sale to March 31, 2021
$62.57
Total Amount Payable to Sheriff – cashier check, money order or certified check must be made payable to the The Honorable Chinese E. Boring, Sheriff and Treasurer of Doddridge County
$334.74
Cost of Certification of Redemption – cashiers check, money order or certified check must be payable to the The Honorable John R. McCauley, State Auditor.
$25.00
You may redeem at any time before March 31, 2021, by paying the above total less any unearned interest.
Return this letter and forth-settled funds to the WV State Auditor's Office, County Collections Division 1900 Kanawha Blvd East, Building 1, Room W-114 Charleston, West Virginia, 25305. Questions please call 1-888-509-6568 option 2
1-27-3tdr
NOTICE TO REDEEM
(2019-S-00000456 Doddridge County – H3 LLC)
To: JENNIFER LEE MALDEN, FRANK CARTER, CROSSLAND & BERRY, KASANDRA DAVIS, CHARLES DAVIS, JAMES DAVIS, NORMAN DAVIS, PATRICK SPENCER, AMERICAN COAL TRUST, THOMAS D. SPENCER, KATHERINE SPENCER, ET AL
You will take notice that H3 LLC, the purchaser of the tax lien(s) on the following real estate, Certificate of Sale 2019-S-00000456, MINERAL INTEREST, located in GREENBRIER, which was returned delinquent in the name of DODDRIDGE OIL & GAS, and for which the tax lien(s) thereon was sold by the sheriff of Doddridge County at the sale for the delinquent taxes made on the 23rd day of October, 2019, has requested that you be notified that a deed for such real estate will be made to him or to her on or after April 1, 2021, as provided by law, unless before that day you redeem such real estate. The amount you will have to pay on the last day, March 31, 2021 will be as follows:
Amount equal to the taxes and charges due on the date of the sale, with interest, to March 31, 2021
$79.18
Amount of subsequent year taxes paid on the property, since the sale, with interest to March 31, 2021
$27.71
Amount paid for Title Examination and preparation of the list to be served and for preparation and service of notice with interest from January 5, 2020 following the sheriff's sale to March 31, 2021
$165.28
Amount paid for other statutory costs with interest from following the sheriff's sale to March 31, 2021
$62.57
Total Amount Payable to Sheriff – cashier check, money order or certified check must be made payable to the The Honorable Chinese E. Boring, Sheriff and Treasurer of Doddridge County
$334.74
Cost of Certification of Redemption – cashiers check, money order or certified check must be payable to the The Honorable John R. McCauley, State Auditor.
$25.00
You may redeem at any time before March 31, 2021, by paying the above total less any unearned interest.
Return this letter and forth-settled funds to the WV State Auditor's Office, County Collections Division 1900 Kanawha Blvd East, Building 1, Room W-114 Charleston, West Virginia, 25305. Questions please call 1-888-509-6568 option 2
1-27-3tdr
